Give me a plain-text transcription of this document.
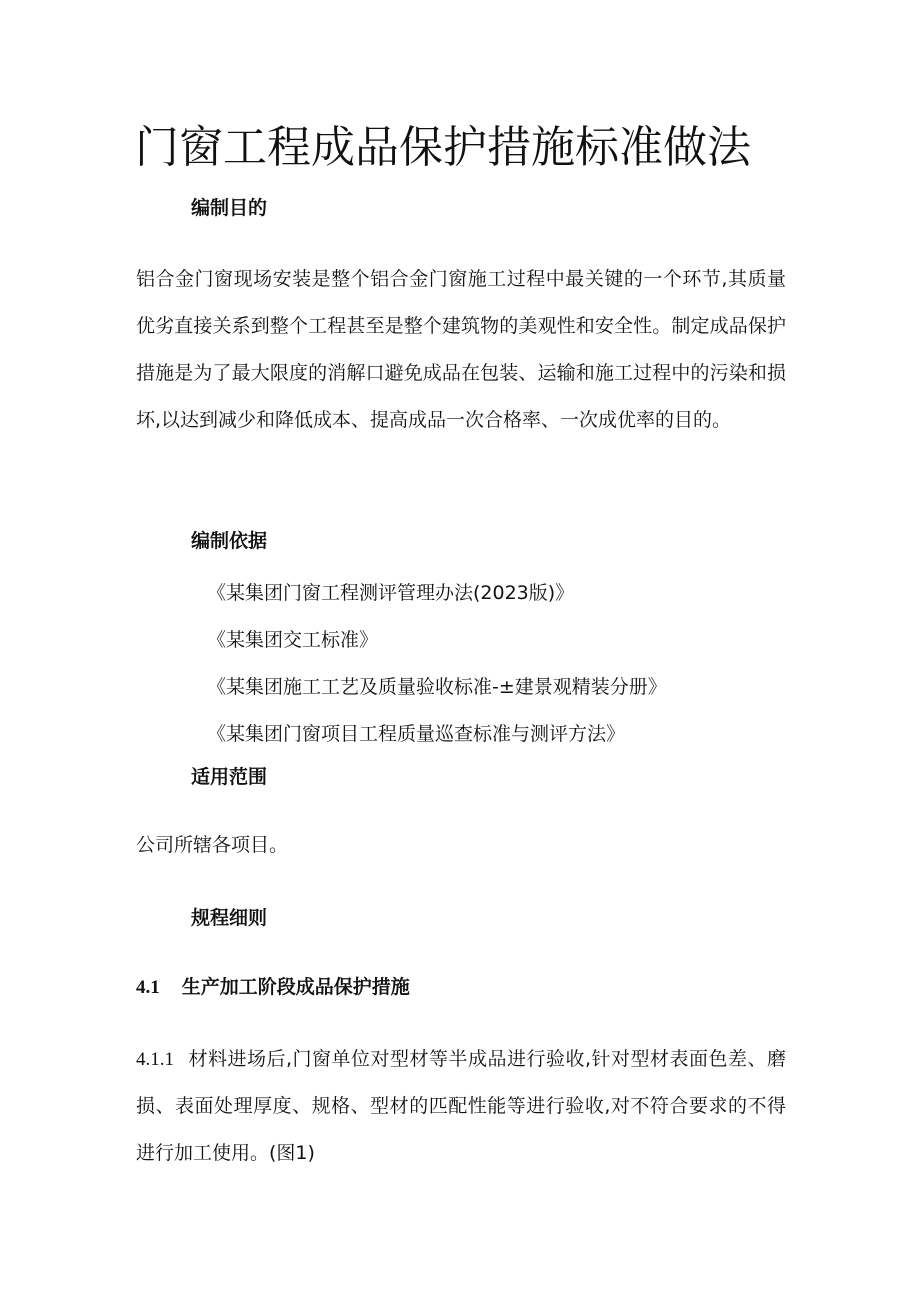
门窗工程成品保护措施标准做法
编制目的

铝合金门窗现场安装是整个铝合金门窗施工过程中最关键的一个环节,其质量优劣直接关系到整个工程甚至是整个建筑物的美观性和安全性。制定成品保护措施是为了最大限度的消解口避免成品在包装、运输和施工过程中的污染和损坏,以达到减少和降低成本、提高成品一次合格率、一次成优率的目的。

编制依据
《某集团门窗工程测评管理办法(2023版)》
《某集团交工标准》
《某集团施工工艺及质量验收标准-±建景观精装分册》
《某集团门窗项目工程质量巡查标准与测评方法》
适用范围

公司所辖各项目。

规程细则
4.1 生产加工阶段成品保护措施

4.1.1 材料进场后,门窗单位对型材等半成品进行验收,针对型材表面色差、磨损、表面处理厚度、规格、型材的匹配性能等进行验收,对不符合要求的不得进行加工使用。(图1)
